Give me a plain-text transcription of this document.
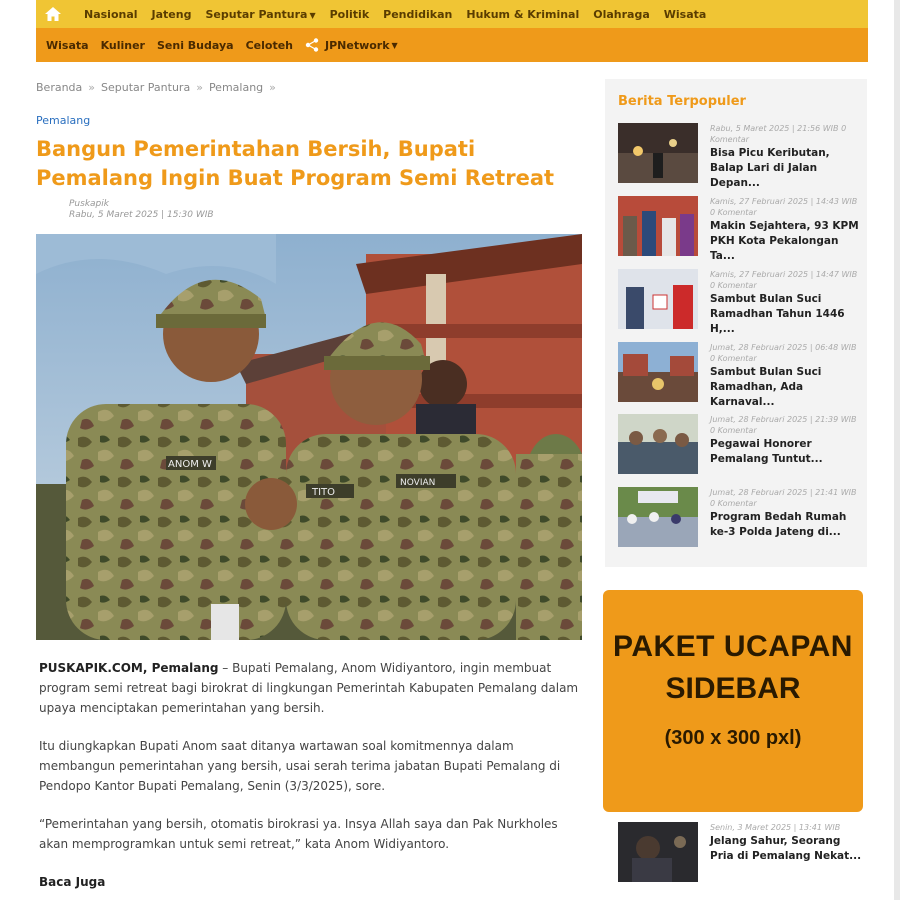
Nasional Jateng Seputar Pantura ▼ Politik Pendidikan Hukum & Kriminal Olahraga Wisata
Wisata Kuliner Seni Budaya Celoteh	JPNetwork ▼
Beranda » Seputar Pantura » Pemalang »
Pemalang
Bangun Pemerintahan Bersih, Bupati Pemalang Ingin Buat Program Semi Retreat
Puskapik
Rabu, 5 Maret 2025 | 15:30 WIB
ANOM W
TITO
NOVIAN

PUSKAPIK.COM, Pemalang – Bupati Pemalang, Anom Widiyantoro, ingin membuat program semi retreat bagi birokrat di lingkungan Pemerintah Kabupaten Pemalang dalam upaya menciptakan pemerintahan yang bersih.

Itu diungkapkan Bupati Anom saat ditanya wartawan soal komitmennya dalam membangun pemerintahan yang bersih, usai serah terima jabatan Bupati Pemalang di Pendopo Kantor Bupati Pemalang, Senin (3/3/2025), sore.

“Pemerintahan yang bersih, otomatis birokrasi ya. Insya Allah saya dan Pak Nurkholes akan memprogramkan untuk semi retreat,” kata Anom Widiyantoro.

Baca Juga
Berita Terpopuler
Rabu, 5 Maret 2025 | 21:56 WIB 0 Komentar
Bisa Picu Keributan, Balap Lari di Jalan Depan...
Kamis, 27 Februari 2025 | 14:43 WIB 0 Komentar
Makin Sejahtera, 93 KPM PKH Kota Pekalongan Ta...
Kamis, 27 Februari 2025 | 14:47 WIB 0 Komentar
Sambut Bulan Suci Ramadhan Tahun 1446 H,...
Jumat, 28 Februari 2025 | 06:48 WIB 0 Komentar
Sambut Bulan Suci Ramadhan, Ada Karnaval...
Jumat, 28 Februari 2025 | 21:39 WIB 0 Komentar
Pegawai Honorer Pemalang Tuntut...
Jumat, 28 Februari 2025 | 21:41 WIB 0 Komentar
Program Bedah Rumah ke-3 Polda Jateng di...
PAKET UCAPAN
SIDEBAR
(300 x 300 pxl)
Senin, 3 Maret 2025 | 13:41 WIB
Jelang Sahur, Seorang Pria di Pemalang Nekat...
